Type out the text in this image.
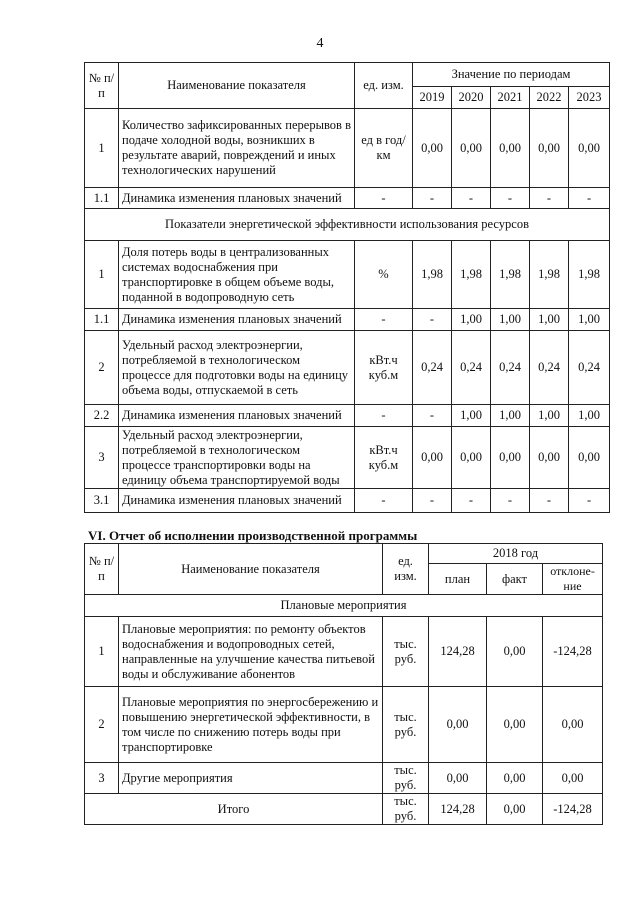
4
№ п/п	Наименование показателя	ед. изм.	Значение по периодам				
			2019	2020	2021	2022	2023
1	Количество зафиксированных перерывов в подаче холодной воды, возникших в результате аварий, повреждений и иных технологических нарушений	ед в год/ км	0,00	0,00	0,00	0,00	0,00
1.1	Динамика изменения плановых значений	-	-	-	-	-	-
Показатели энергетической эффективности использования ресурсов							
1	Доля потерь воды в централизованных системах водоснабжения при транспортировке в общем объеме воды, поданной в водопроводную сеть	%	1,98	1,98	1,98	1,98	1,98
1.1	Динамика изменения плановых значений	-	-	1,00	1,00	1,00	1,00
2	Удельный расход электроэнергии, потребляемой в технологическом процессе для подготовки воды на единицу объема воды, отпускаемой в сеть	кВт.ч куб.м	0,24	0,24	0,24	0,24	0,24
2.2	Динамика изменения плановых значений	-	-	1,00	1,00	1,00	1,00
3	Удельный расход электроэнергии, потребляемой в технологическом процессе транспортировки воды на единицу объема транспортируемой воды	кВт.ч куб.м	0,00	0,00	0,00	0,00	0,00
3.1	Динамика изменения плановых значений	-	-	-	-	-	-
VI. Отчет об исполнении производственной программы
№ п/п	Наименование показателя	ед. изм.	2018 год		
			план	факт	отклоне-ние
Плановые мероприятия					
1	Плановые мероприятия: по ремонту объектов водоснабжения и водопроводных сетей, направленные на улучшение качества питьевой воды и обслуживание абонентов	тыс. руб.	124,28	0,00	-124,28
2	Плановые мероприятия по энергосбережению и повышению энергетической эффективности, в том числе по снижению потерь воды при транспортировке	тыс. руб.	0,00	0,00	0,00
3	Другие мероприятия	тыс. руб.	0,00	0,00	0,00
Итого		тыс. руб.	124,28	0,00	-124,28
